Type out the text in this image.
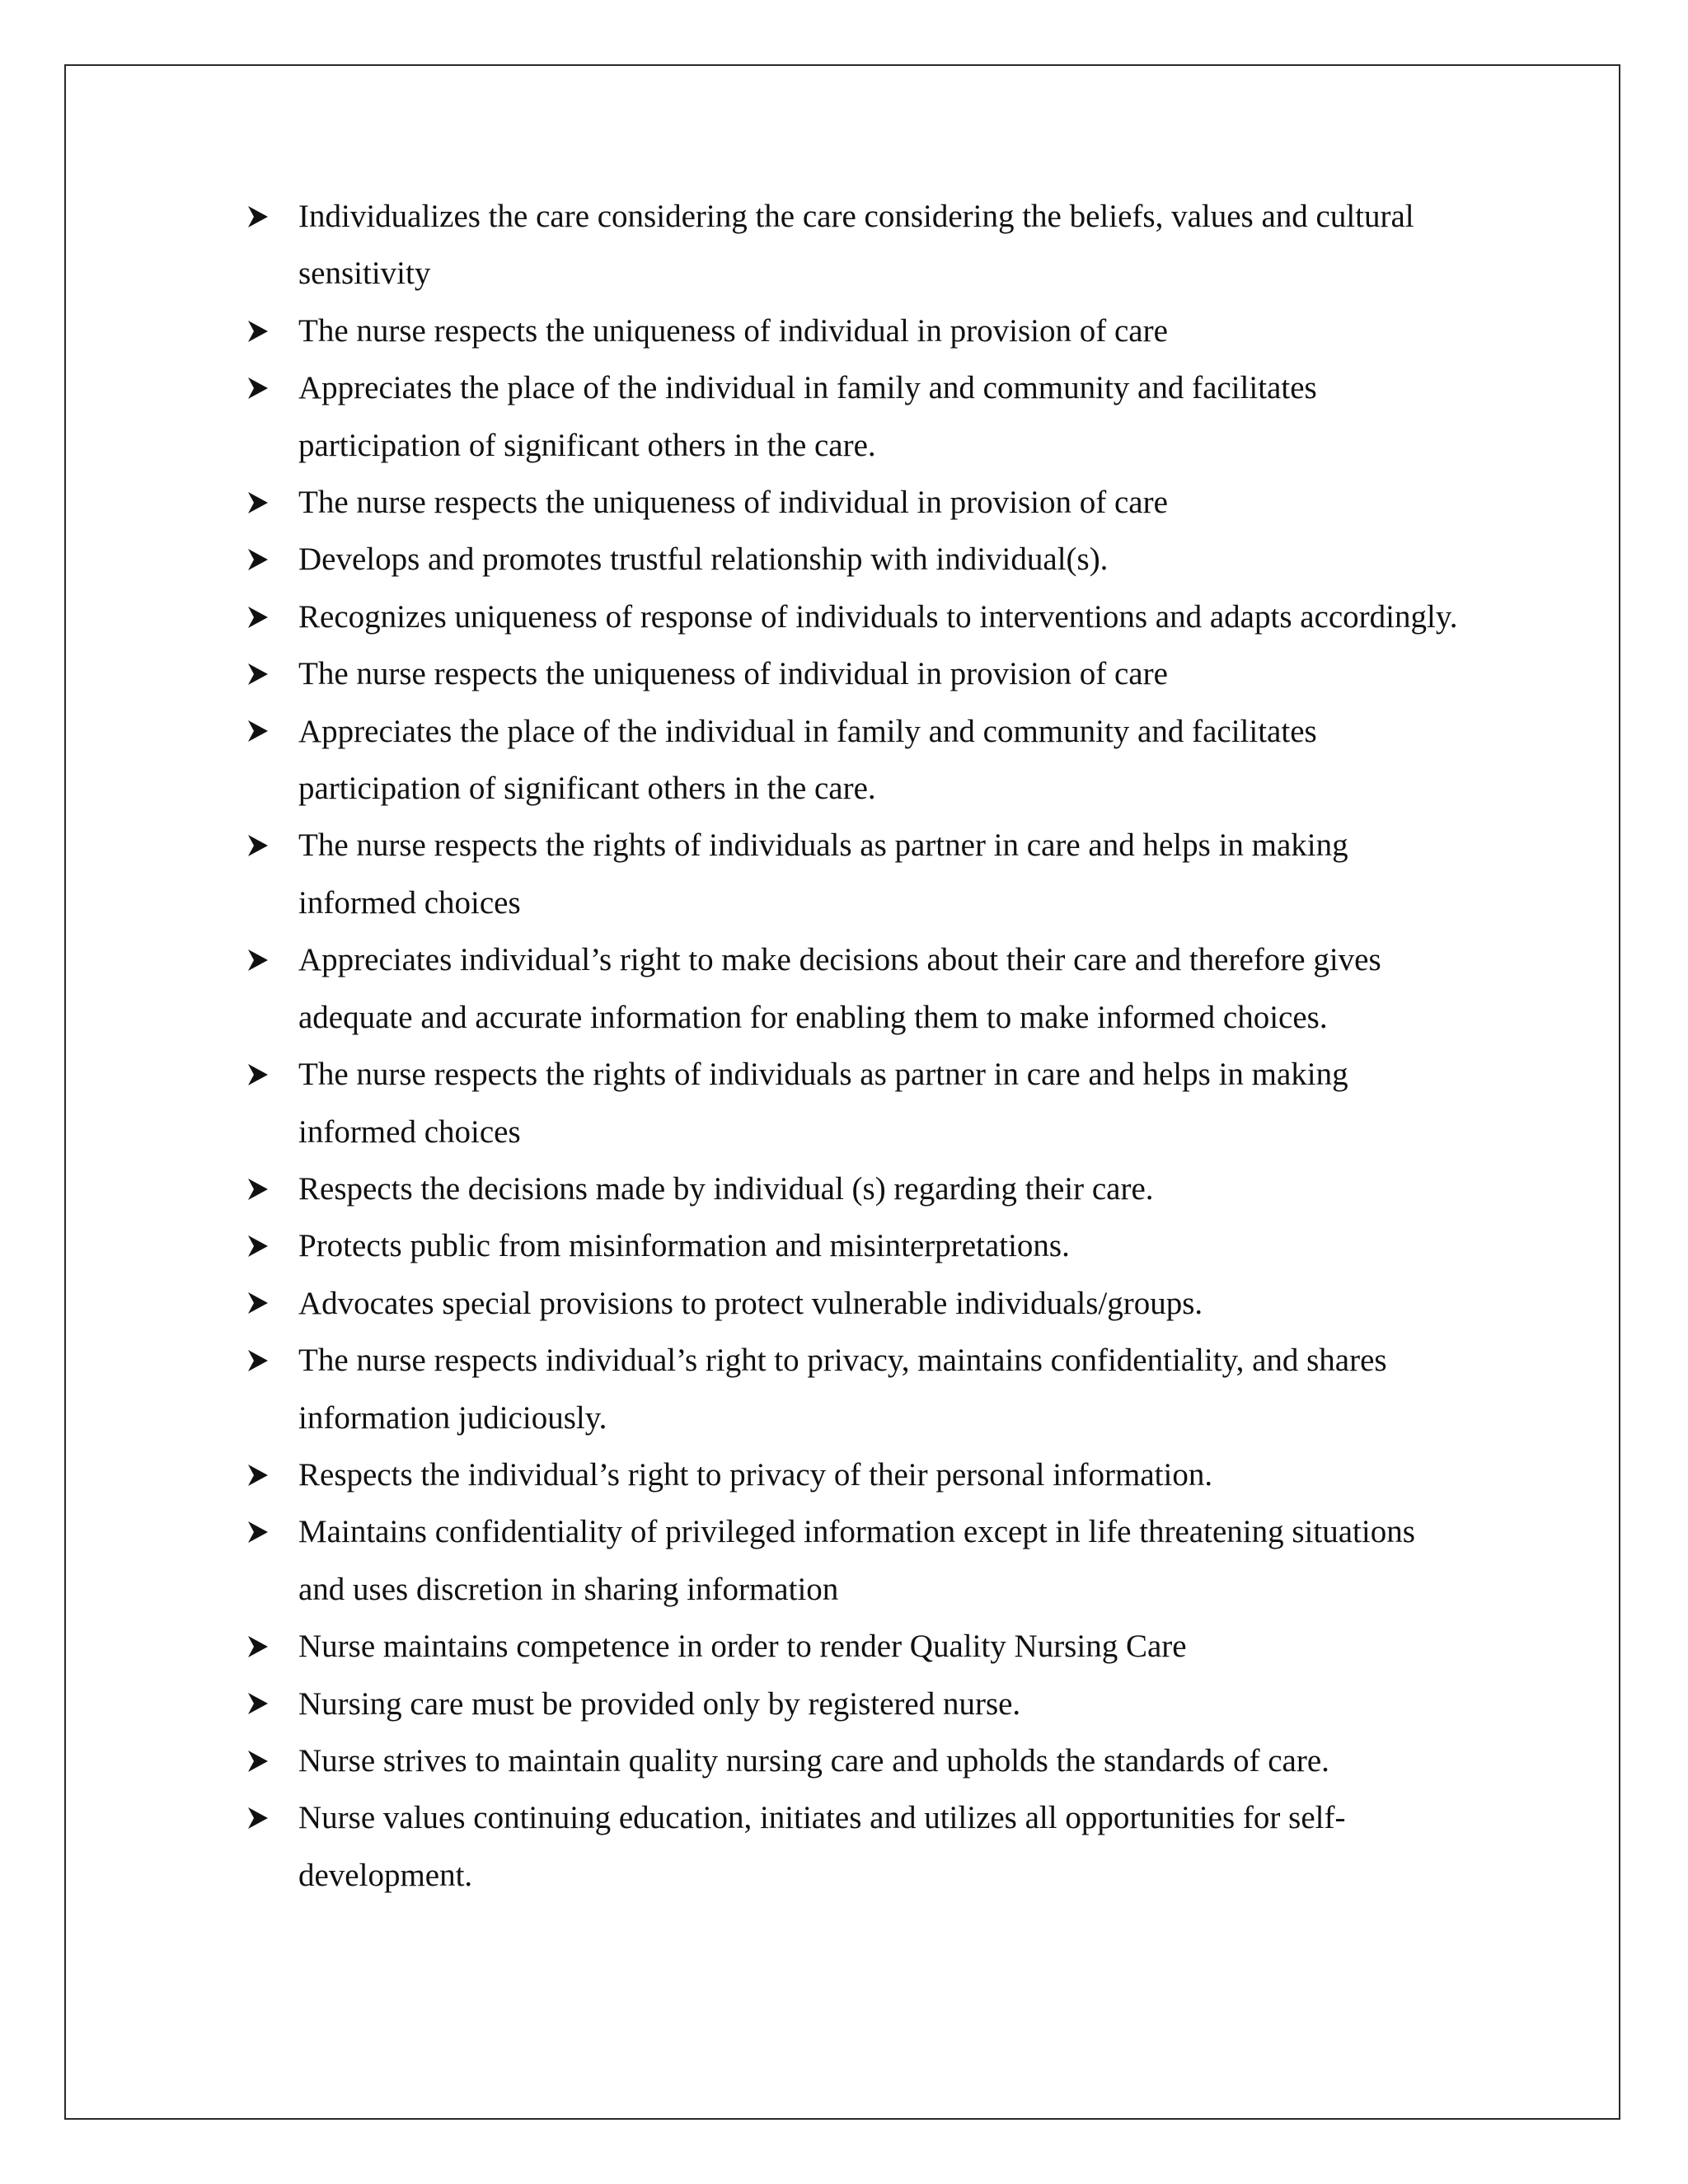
Individualizes the care considering the care considering the beliefs, values and cultural sensitivity
The nurse respects the uniqueness of individual in provision of care
Appreciates the place of the individual in family and community and facilitates participation of significant others in the care.
The nurse respects the uniqueness of individual in provision of care
Develops and promotes trustful relationship with individual(s).
Recognizes uniqueness of response of individuals to interventions and adapts accordingly.
The nurse respects the uniqueness of individual in provision of care
Appreciates the place of the individual in family and community and facilitates participation of significant others in the care.
The nurse respects the rights of individuals as partner in care and helps in making informed choices
Appreciates individual’s right to make decisions about their care and therefore gives adequate and accurate information for enabling them to make informed choices.
The nurse respects the rights of individuals as partner in care and helps in making informed choices
Respects the decisions made by individual (s) regarding their care.
Protects public from misinformation and misinterpretations.
Advocates special provisions to protect vulnerable individuals/groups.
The nurse respects individual’s right to privacy, maintains confidentiality, and shares information judiciously.
Respects the individual’s right to privacy of their personal information.
Maintains confidentiality of privileged information except in life threatening situations and uses discretion in sharing information
Nurse maintains competence in order to render Quality Nursing Care
Nursing care must be provided only by registered nurse.
Nurse strives to maintain quality nursing care and upholds the standards of care.
Nurse values continuing education, initiates and utilizes all opportunities for self-development.
